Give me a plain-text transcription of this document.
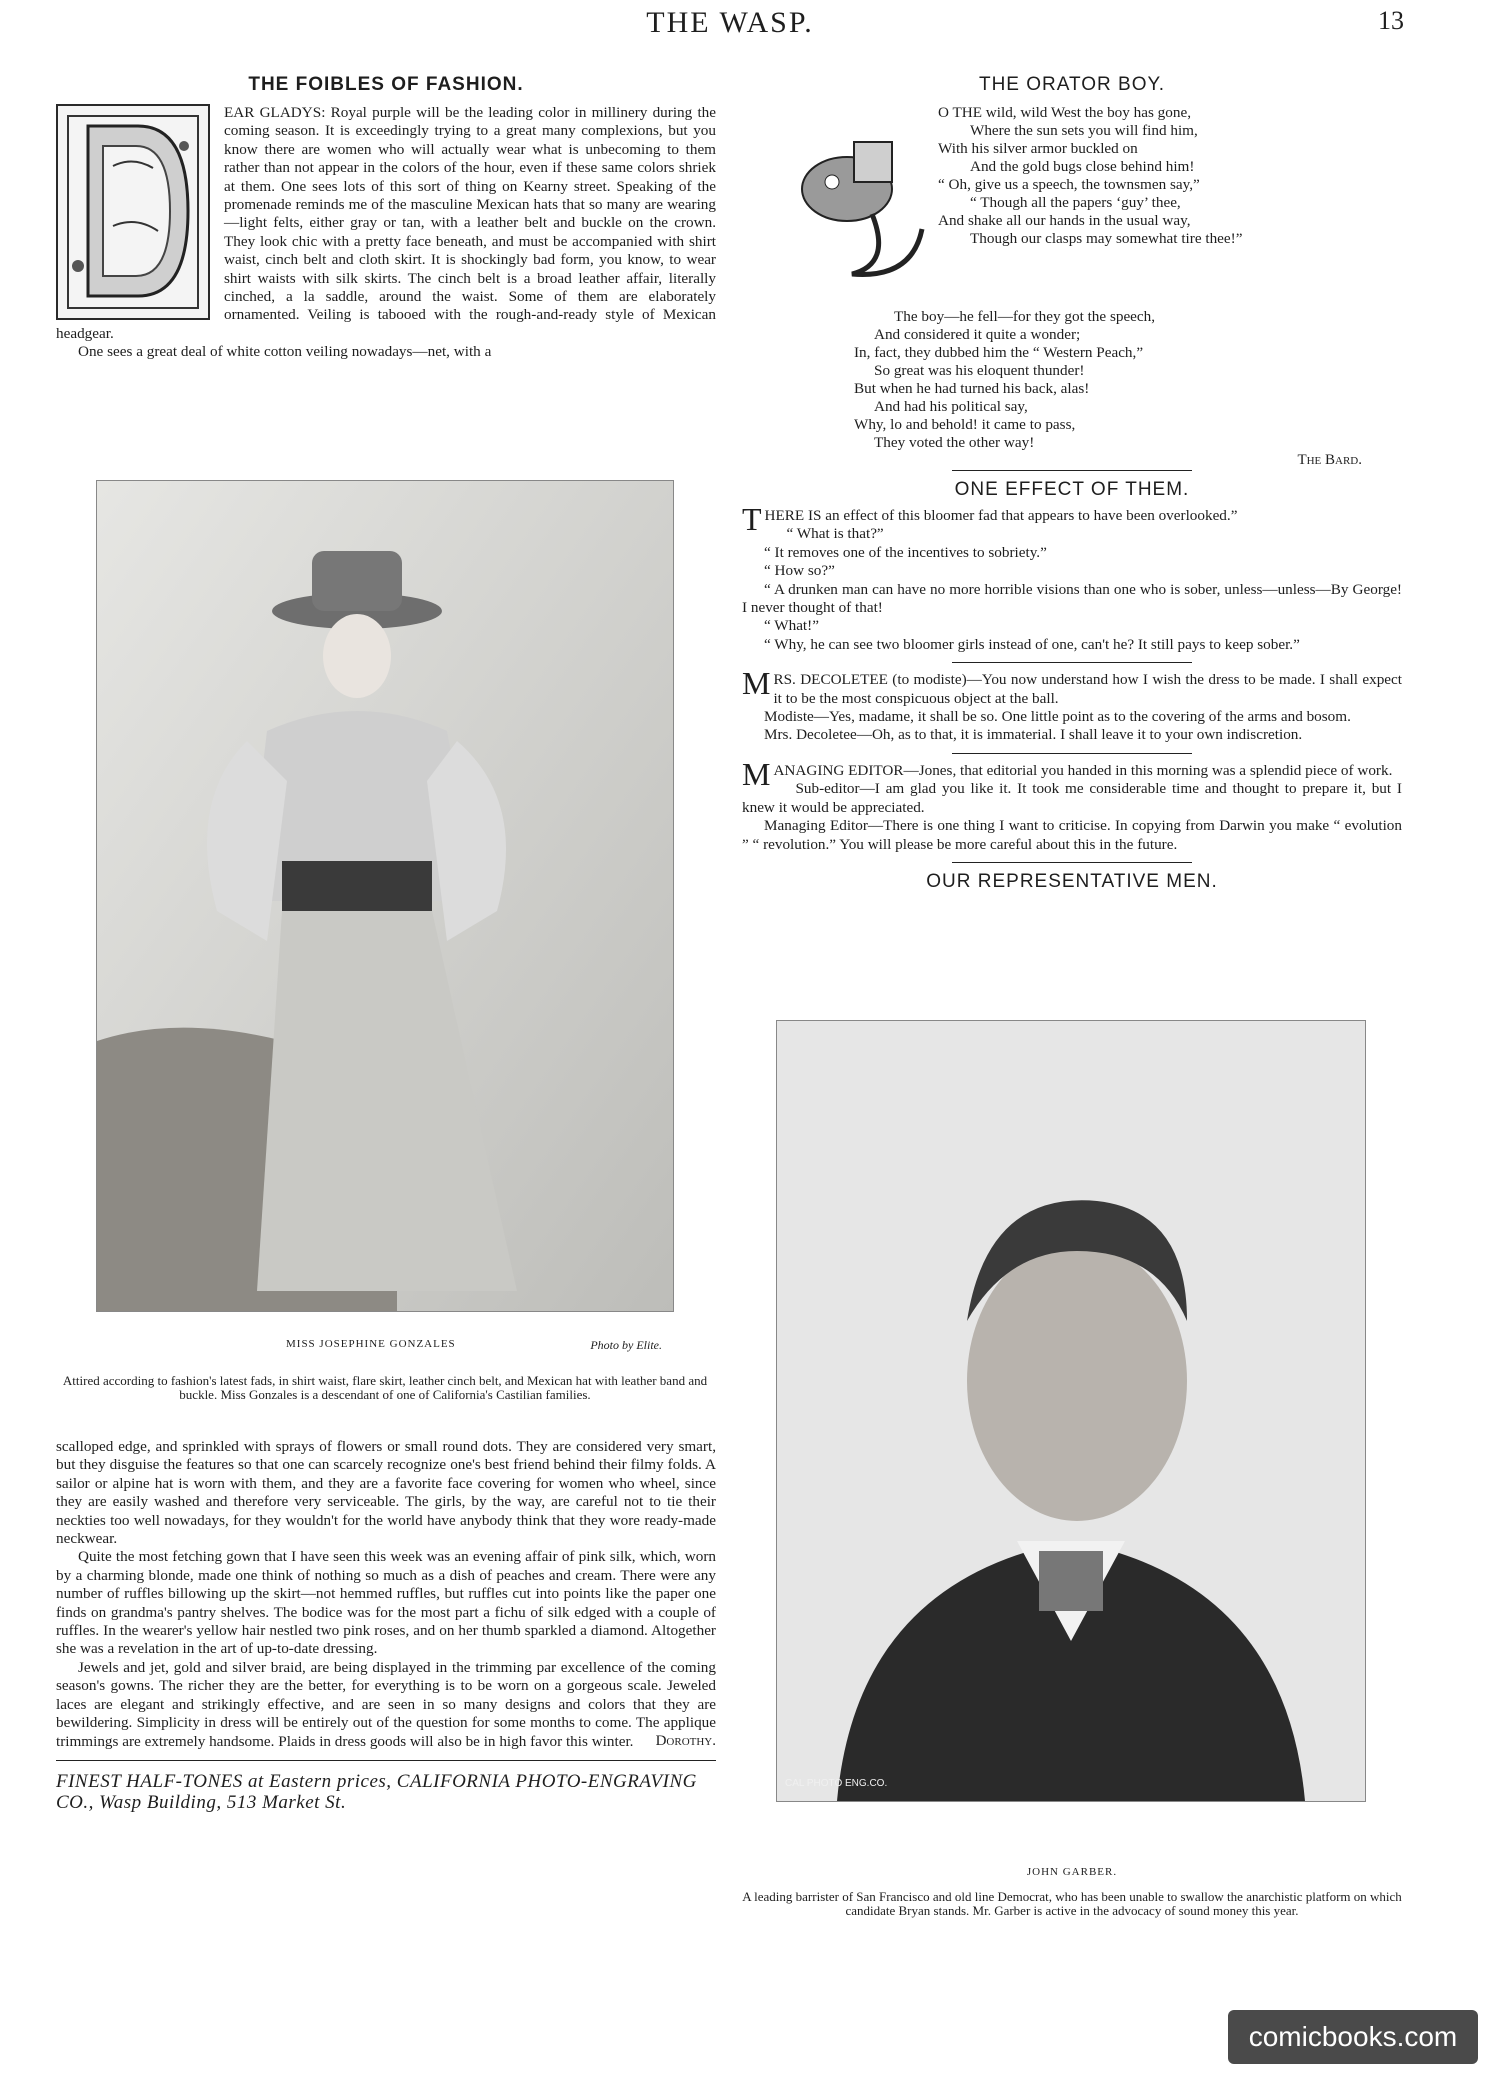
THE WASP.	13
THE FOIBLES OF FASHION.

EAR GLADYS: Royal purple will be the leading color in millinery during the coming season. It is exceedingly trying to a great many complexions, but you know there are women who will actually wear what is unbecoming to them rather than not appear in the colors of the hour, even if these same colors shriek at them. One sees lots of this sort of thing on Kearny street. Speaking of the promenade reminds me of the masculine Mexican hats that so many are wearing—light felts, either gray or tan, with a leather belt and buckle on the crown. They look chic with a pretty face beneath, and must be accompanied with shirt waist, cinch belt and cloth skirt. It is shockingly bad form, you know, to wear shirt waists with silk skirts. The cinch belt is a broad leather affair, literally cinched, a la saddle, around the waist. Some of them are elaborately ornamented. Veiling is tabooed with the rough-and-ready style of Mexican headgear.

One sees a great deal of white cotton veiling nowadays—net, with a

MISS JOSEPHINE GONZALES	Photo by Elite.
Attired according to fashion's latest fads, in shirt waist, flare skirt, leather cinch belt, and Mexican hat with leather band and buckle. Miss Gonzales is a descendant of one of California's Castilian families.

scalloped edge, and sprinkled with sprays of flowers or small round dots. They are considered very smart, but they disguise the features so that one can scarcely recognize one's best friend behind their filmy folds. A sailor or alpine hat is worn with them, and they are a favorite face covering for women who wheel, since they are easily washed and therefore very serviceable. The girls, by the way, are careful not to tie their neckties too well nowadays, for they wouldn't for the world have anybody think that they wore ready-made neckwear.

Quite the most fetching gown that I have seen this week was an evening affair of pink silk, which, worn by a charming blonde, made one think of nothing so much as a dish of peaches and cream. There were any number of ruffles billowing up the skirt—not hemmed ruffles, but ruffles cut into points like the paper one finds on grandma's pantry shelves. The bodice was for the most part a fichu of silk edged with a couple of ruffles. In the wearer's yellow hair nestled two pink roses, and on her thumb sparkled a diamond. Altogether she was a revelation in the art of up-to-date dressing.

Jewels and jet, gold and silver braid, are being displayed in the trimming par excellence of the coming season's gowns. The richer they are the better, for everything is to be worn on a gorgeous scale. Jeweled laces are elegant and strikingly effective, and are seen in so many designs and colors that they are bewildering. Simplicity in dress will be entirely out of the question for some months to come. The applique trimmings are extremely handsome. Plaids in dress goods will also be in high favor this winter.	Dorothy.
FINEST HALF-TONES at Eastern prices, CALIFORNIA PHOTO-ENGRAVING CO., Wasp Building, 513 Market St.
THE ORATOR BOY.
O THE wild, wild West the boy has gone,
Where the sun sets you will find him,
With his silver armor buckled on
And the gold bugs close behind him!
“ Oh, give us a speech, the townsmen say,”
“ Though all the papers ‘guy’ thee,
And shake all our hands in the usual way,
Though our clasps may somewhat tire thee!”
The boy—he fell—for they got the speech,
And considered it quite a wonder;
In, fact, they dubbed him the “ Western Peach,”
So great was his eloquent thunder!
But when he had turned his back, alas!
And had his political say,
Why, lo and behold! it came to pass,
They voted the other way!
The Bard.
ONE EFFECT OF THEM.

THERE IS an effect of this bloomer fad that appears to have been overlooked.”

“ What is that?”

“ It removes one of the incentives to sobriety.”

“ How so?”

“ A drunken man can have no more horrible visions than one who is sober, unless—unless—By George! I never thought of that!

“ What!”

“ Why, he can see two bloomer girls instead of one, can't he? It still pays to keep sober.”

MRS. DECOLETEE (to modiste)—You now understand how I wish the dress to be made. I shall expect it to be the most conspicuous object at the ball.

Modiste—Yes, madame, it shall be so. One little point as to the covering of the arms and bosom.

Mrs. Decoletee—Oh, as to that, it is immaterial. I shall leave it to your own indiscretion.

MANAGING EDITOR—Jones, that editorial you handed in this morning was a splendid piece of work.

Sub-editor—I am glad you like it. It took me considerable time and thought to prepare it, but I knew it would be appreciated.

Managing Editor—There is one thing I want to criticise. In copying from Darwin you make “ evolution ” “ revolution.” You will please be more careful about this in the future.

OUR REPRESENTATIVE MEN.
CAL PHOTO ENG.CO.
JOHN GARBER.
A leading barrister of San Francisco and old line Democrat, who has been unable to swallow the anarchistic platform on which candidate Bryan stands. Mr. Garber is active in the advocacy of sound money this year.
comicbooks.com
